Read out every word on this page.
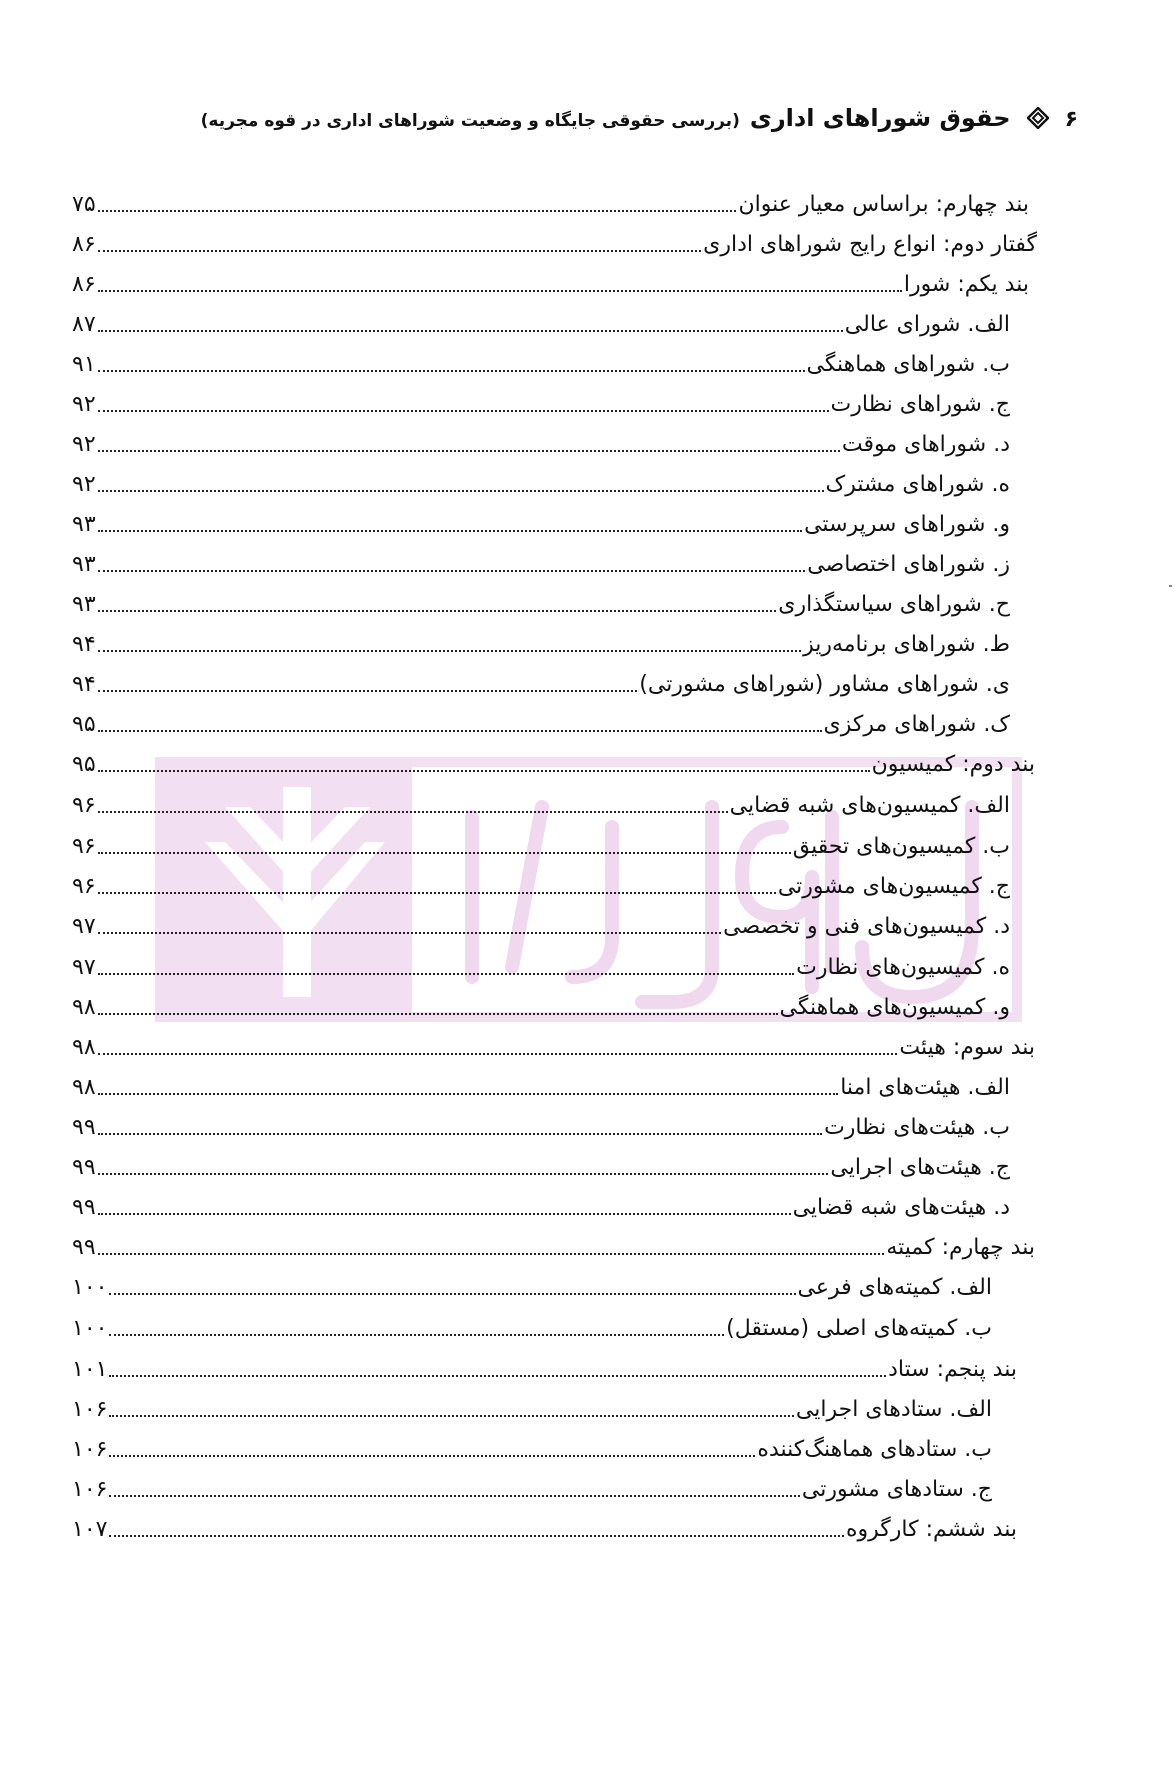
۶
حقوق شوراهای اداری
(بررسی حقوقی جایگاه و وضعیت شوراهای اداری در قوه مجریه)
بند چهارم: براساس معیار عنوان
۷۵
گفتار دوم: انواع رایج شوراهای اداری
۸۶
بند یکم: شورا
۸۶
الف. شورای عالی
۸۷
ب. شوراهای هماهنگی
۹۱
ج. شوراهای نظارت
۹۲
د. شوراهای موقت
۹۲
ه. شوراهای مشترک
۹۲
و. شوراهای سرپرستی
۹۳
ز. شوراهای اختصاصی
۹۳
ح. شوراهای سیاستگذاری
۹۳
ط. شوراهای برنامه‌ریز
۹۴
ی. شوراهای مشاور (شوراهای مشورتی)
۹۴
ک. شوراهای مرکزی
۹۵
بند دوم: کمیسیون
۹۵
الف. کمیسیون‌های شبه قضایی
۹۶
ب. کمیسیون‌های تحقیق
۹۶
ج. کمیسیون‌های مشورتی
۹۶
د. کمیسیون‌های فنی و تخصصی
۹۷
ه. کمیسیون‌های نظارت
۹۷
و. کمیسیون‌های هماهنگی
۹۸
بند سوم: هیئت
۹۸
الف. هیئت‌های امنا
۹۸
ب. هیئت‌های نظارت
۹۹
ج. هیئت‌های اجرایی
۹۹
د. هیئت‌های شبه قضایی
۹۹
بند چهارم: کمیته
۹۹
الف. کمیته‌های فرعی
۱۰۰
ب. کمیته‌های اصلی (مستقل)
۱۰۰
بند پنجم: ستاد
۱۰۱
الف. ستادهای اجرایی
۱۰۶
ب. ستادهای هماهنگ‌کننده
۱۰۶
ج. ستادهای مشورتی
۱۰۶
بند ششم: کارگروه
۱۰۷
